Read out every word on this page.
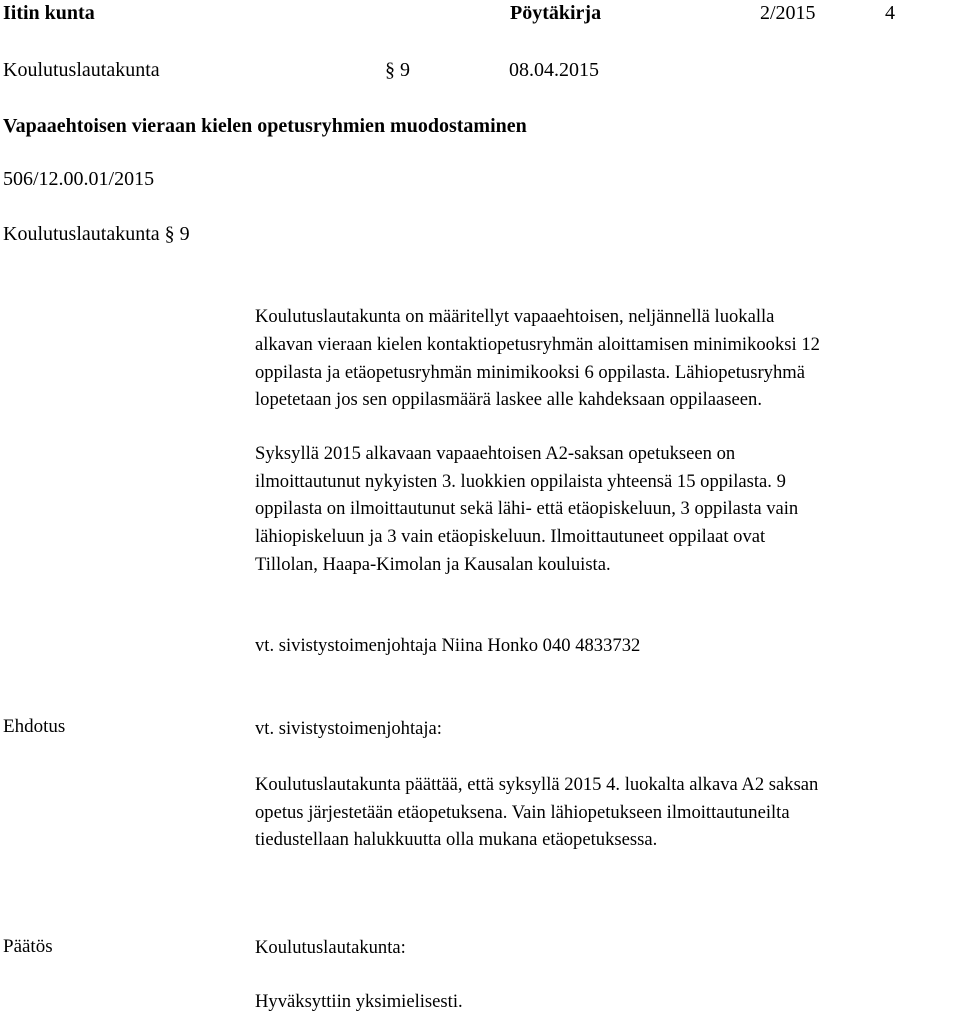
Iitin kunta	Pöytäkirja	2/2015	4
Koulutuslautakunta	§ 9	08.04.2015
Vapaaehtoisen vieraan kielen opetusryhmien muodostaminen
506/12.00.01/2015
Koulutuslautakunta § 9
Koulutuslautakunta on määritellyt vapaaehtoisen, neljännellä luokalla
alkavan vieraan kielen kontaktiopetusryhmän aloittamisen minimikooksi 12
oppilasta ja etäopetusryhmän minimikooksi 6 oppilasta. Lähiopetusryhmä
lopetetaan jos sen oppilasmäärä laskee alle kahdeksaan oppilaaseen.
Syksyllä 2015 alkavaan vapaaehtoisen A2-saksan opetukseen on
ilmoittautunut nykyisten 3. luokkien oppilaista yhteensä 15 oppilasta. 9
oppilasta on ilmoittautunut sekä lähi- että etäopiskeluun, 3 oppilasta vain
lähiopiskeluun ja 3 vain etäopiskeluun. Ilmoittautuneet oppilaat ovat
Tillolan, Haapa-Kimolan ja Kausalan kouluista.
vt. sivistystoimenjohtaja Niina Honko 040 4833732
Ehdotus	vt. sivistystoimenjohtaja:
Koulutuslautakunta päättää, että syksyllä 2015 4. luokalta alkava A2 saksan
opetus järjestetään etäopetuksena. Vain lähiopetukseen ilmoittautuneilta
tiedustellaan halukkuutta olla mukana etäopetuksessa.
Päätös	Koulutuslautakunta:
Hyväksyttiin yksimielisesti.
